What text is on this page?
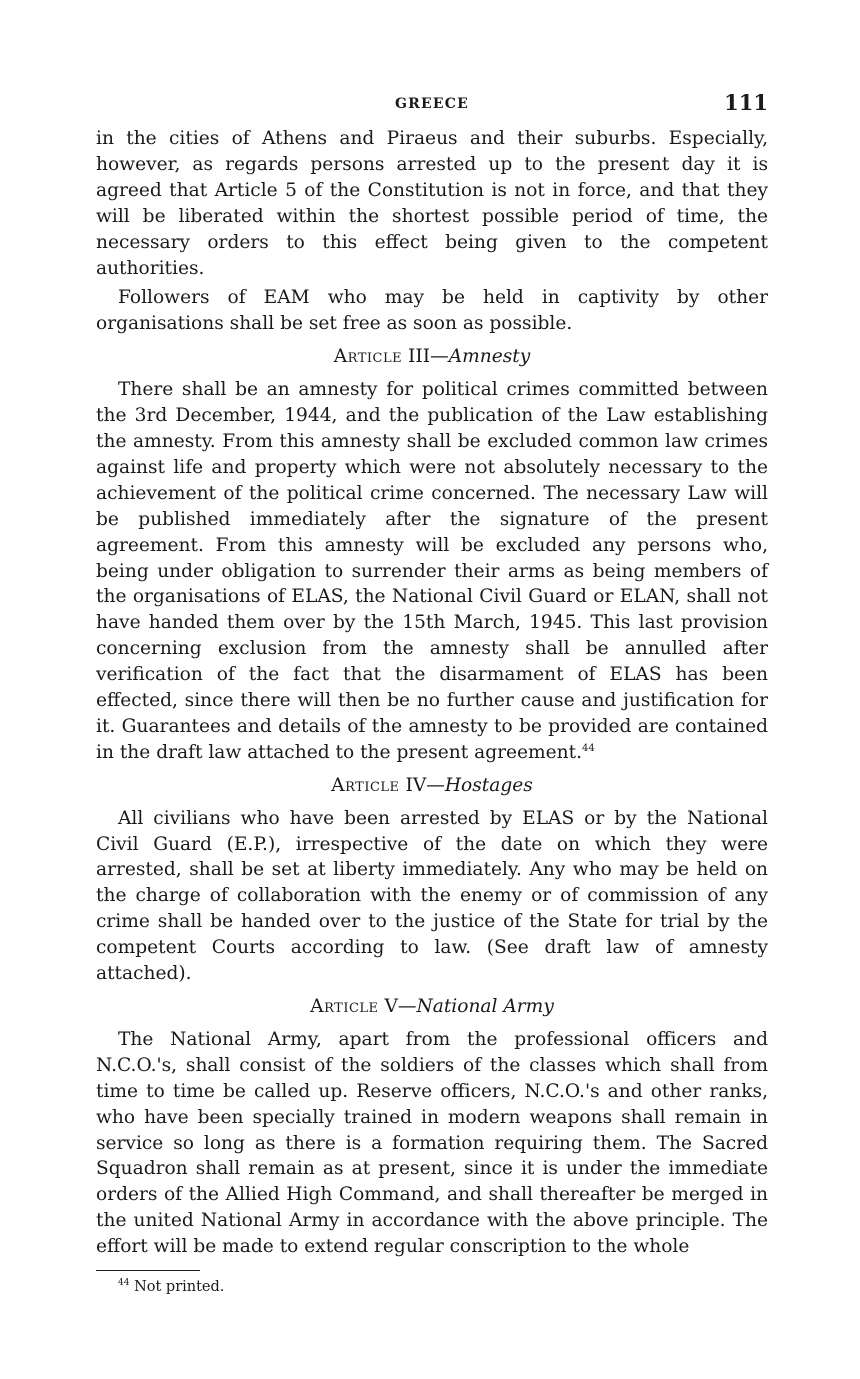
GREECE	111

in the cities of Athens and Piraeus and their suburbs. Especially, however, as regards persons arrested up to the present day it is agreed that Article 5 of the Constitution is not in force, and that they will be liberated within the shortest possible period of time, the necessary orders to this effect being given to the competent authorities.

Followers of EAM who may be held in captivity by other organisations shall be set free as soon as possible.

Article III—Amnesty

There shall be an amnesty for political crimes committed between the 3rd December, 1944, and the publication of the Law establishing the amnesty. From this amnesty shall be excluded common law crimes against life and property which were not absolutely necessary to the achievement of the political crime concerned. The necessary Law will be published immediately after the signature of the present agreement. From this amnesty will be excluded any persons who, being under obligation to surrender their arms as being members of the organisations of ELAS, the National Civil Guard or ELAN, shall not have handed them over by the 15th March, 1945. This last provision concerning exclusion from the amnesty shall be annulled after verification of the fact that the disarmament of ELAS has been effected, since there will then be no further cause and justification for it. Guarantees and details of the amnesty to be provided are contained in the draft law attached to the present agreement.$^{44}$

Article IV—Hostages

All civilians who have been arrested by ELAS or by the National Civil Guard (E.P.), irrespective of the date on which they were arrested, shall be set at liberty immediately. Any who may be held on the charge of collaboration with the enemy or of commission of any crime shall be handed over to the justice of the State for trial by the competent Courts according to law. (See draft law of amnesty attached).

Article V—National Army

The National Army, apart from the professional officers and N.C.O.'s, shall consist of the soldiers of the classes which shall from time to time be called up. Reserve officers, N.C.O.'s and other ranks, who have been specially trained in modern weapons shall remain in service so long as there is a formation requiring them. The Sacred Squadron shall remain as at present, since it is under the immediate orders of the Allied High Command, and shall thereafter be merged in the united National Army in accordance with the above principle. The effort will be made to extend regular conscription to the whole

$^{44}$ Not printed.
